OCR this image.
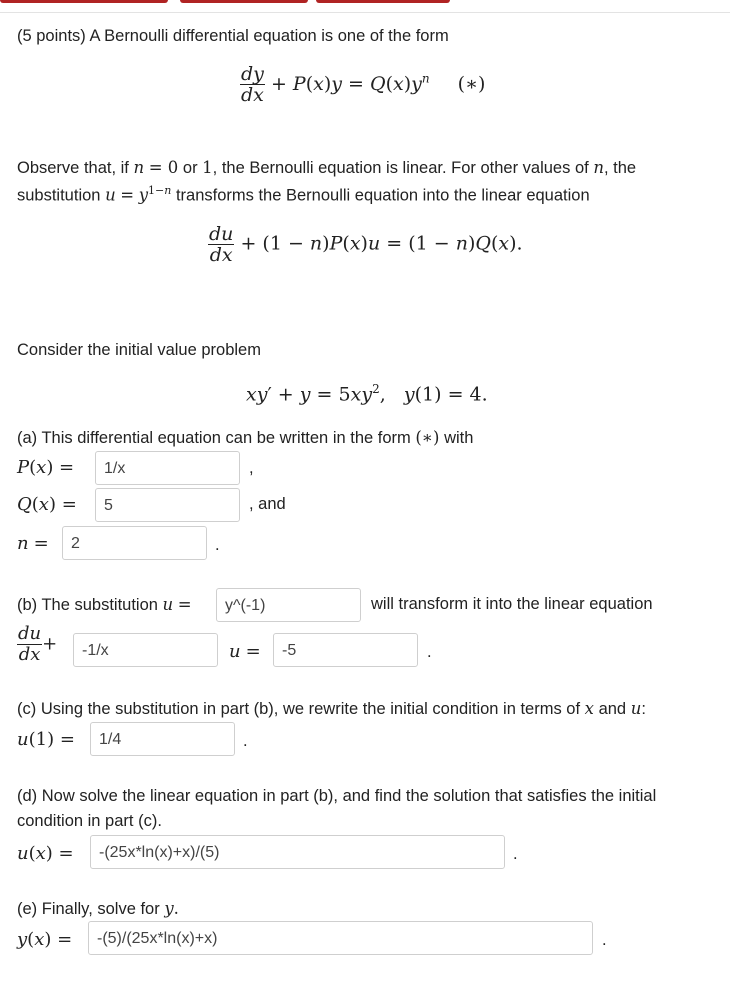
(5 points) A Bernoulli differential equation is one of the form
$\frac{dy}{dx} + P(x)y = Q(x)y^n$ (∗)
Observe that, if n = 0 or 1, the Bernoulli equation is linear. For other values of n, the
substitution $u = y^{1-n}$ transforms the Bernoulli equation into the linear equation
$\frac{du}{dx} + (1 - n)P(x)u = (1 - n)Q(x)$.
Consider the initial value problem
$xy' + y = 5xy^2$,   y(1) = 4.
(a) This differential equation can be written in the form (∗) with
P(x) =	1/x	,
Q(x) =	5	, and
n =	2	.
(b) The substitution u =	y^(-1)	will transform it into the linear equation
$\frac{du}{dx}$ +	-1/x	u =	-5	.
(c) Using the substitution in part (b), we rewrite the initial condition in terms of x and u:
u(1) =	1/4	.
(d) Now solve the linear equation in part (b), and find the solution that satisfies the initial
condition in part (c).
u(x) =	-(25x*ln(x)+x)/(5)	.
(e) Finally, solve for y.
y(x) =	-(5)/(25x*ln(x)+x)	.
